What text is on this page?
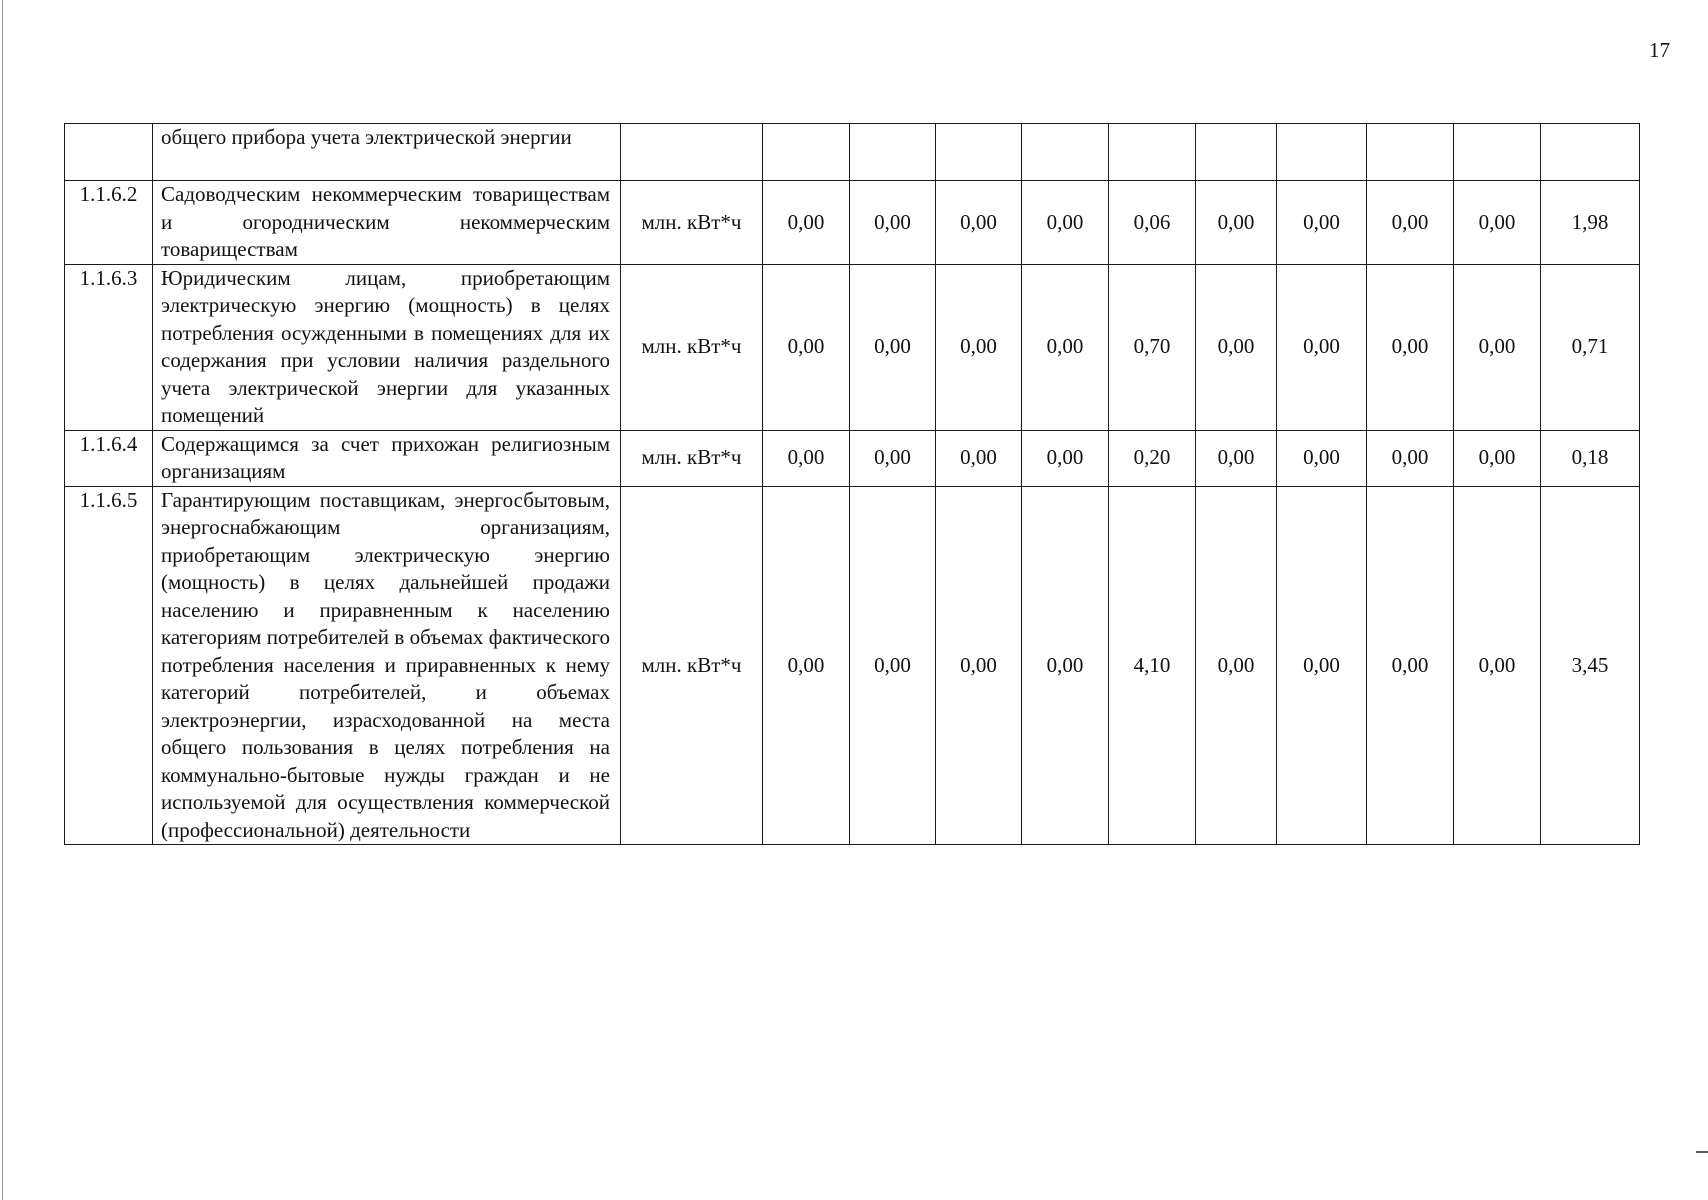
17
	общего прибора учета электрической энергии											
1.1.6.2	Садоводческим некоммерческим товариществам и огородническим некоммерческим товариществам	млн. кВт*ч	0,00	0,00	0,00	0,00	0,06	0,00	0,00	0,00	0,00	1,98
1.1.6.3	Юридическим лицам, приобретающим электрическую энергию (мощность) в целях потребления осужденными в помещениях для их содержания при условии наличия раздельного учета электрической энергии для указанных помещений	млн. кВт*ч	0,00	0,00	0,00	0,00	0,70	0,00	0,00	0,00	0,00	0,71
1.1.6.4	Содержащимся за счет прихожан религиозным организациям	млн. кВт*ч	0,00	0,00	0,00	0,00	0,20	0,00	0,00	0,00	0,00	0,18
1.1.6.5	Гарантирующим поставщикам, энергосбытовым, энергоснабжающим организациям, приобретающим электрическую энергию (мощность) в целях дальнейшей продажи населению и приравненным к населению категориям потребителей в объемах фактического потребления населения и приравненных к нему категорий потребителей, и объемах электроэнергии, израсходованной на места общего пользования в целях потребления на коммунально-бытовые нужды граждан и не используемой для осуществления коммерческой (профессиональной) деятельности	млн. кВт*ч	0,00	0,00	0,00	0,00	4,10	0,00	0,00	0,00	0,00	3,45
